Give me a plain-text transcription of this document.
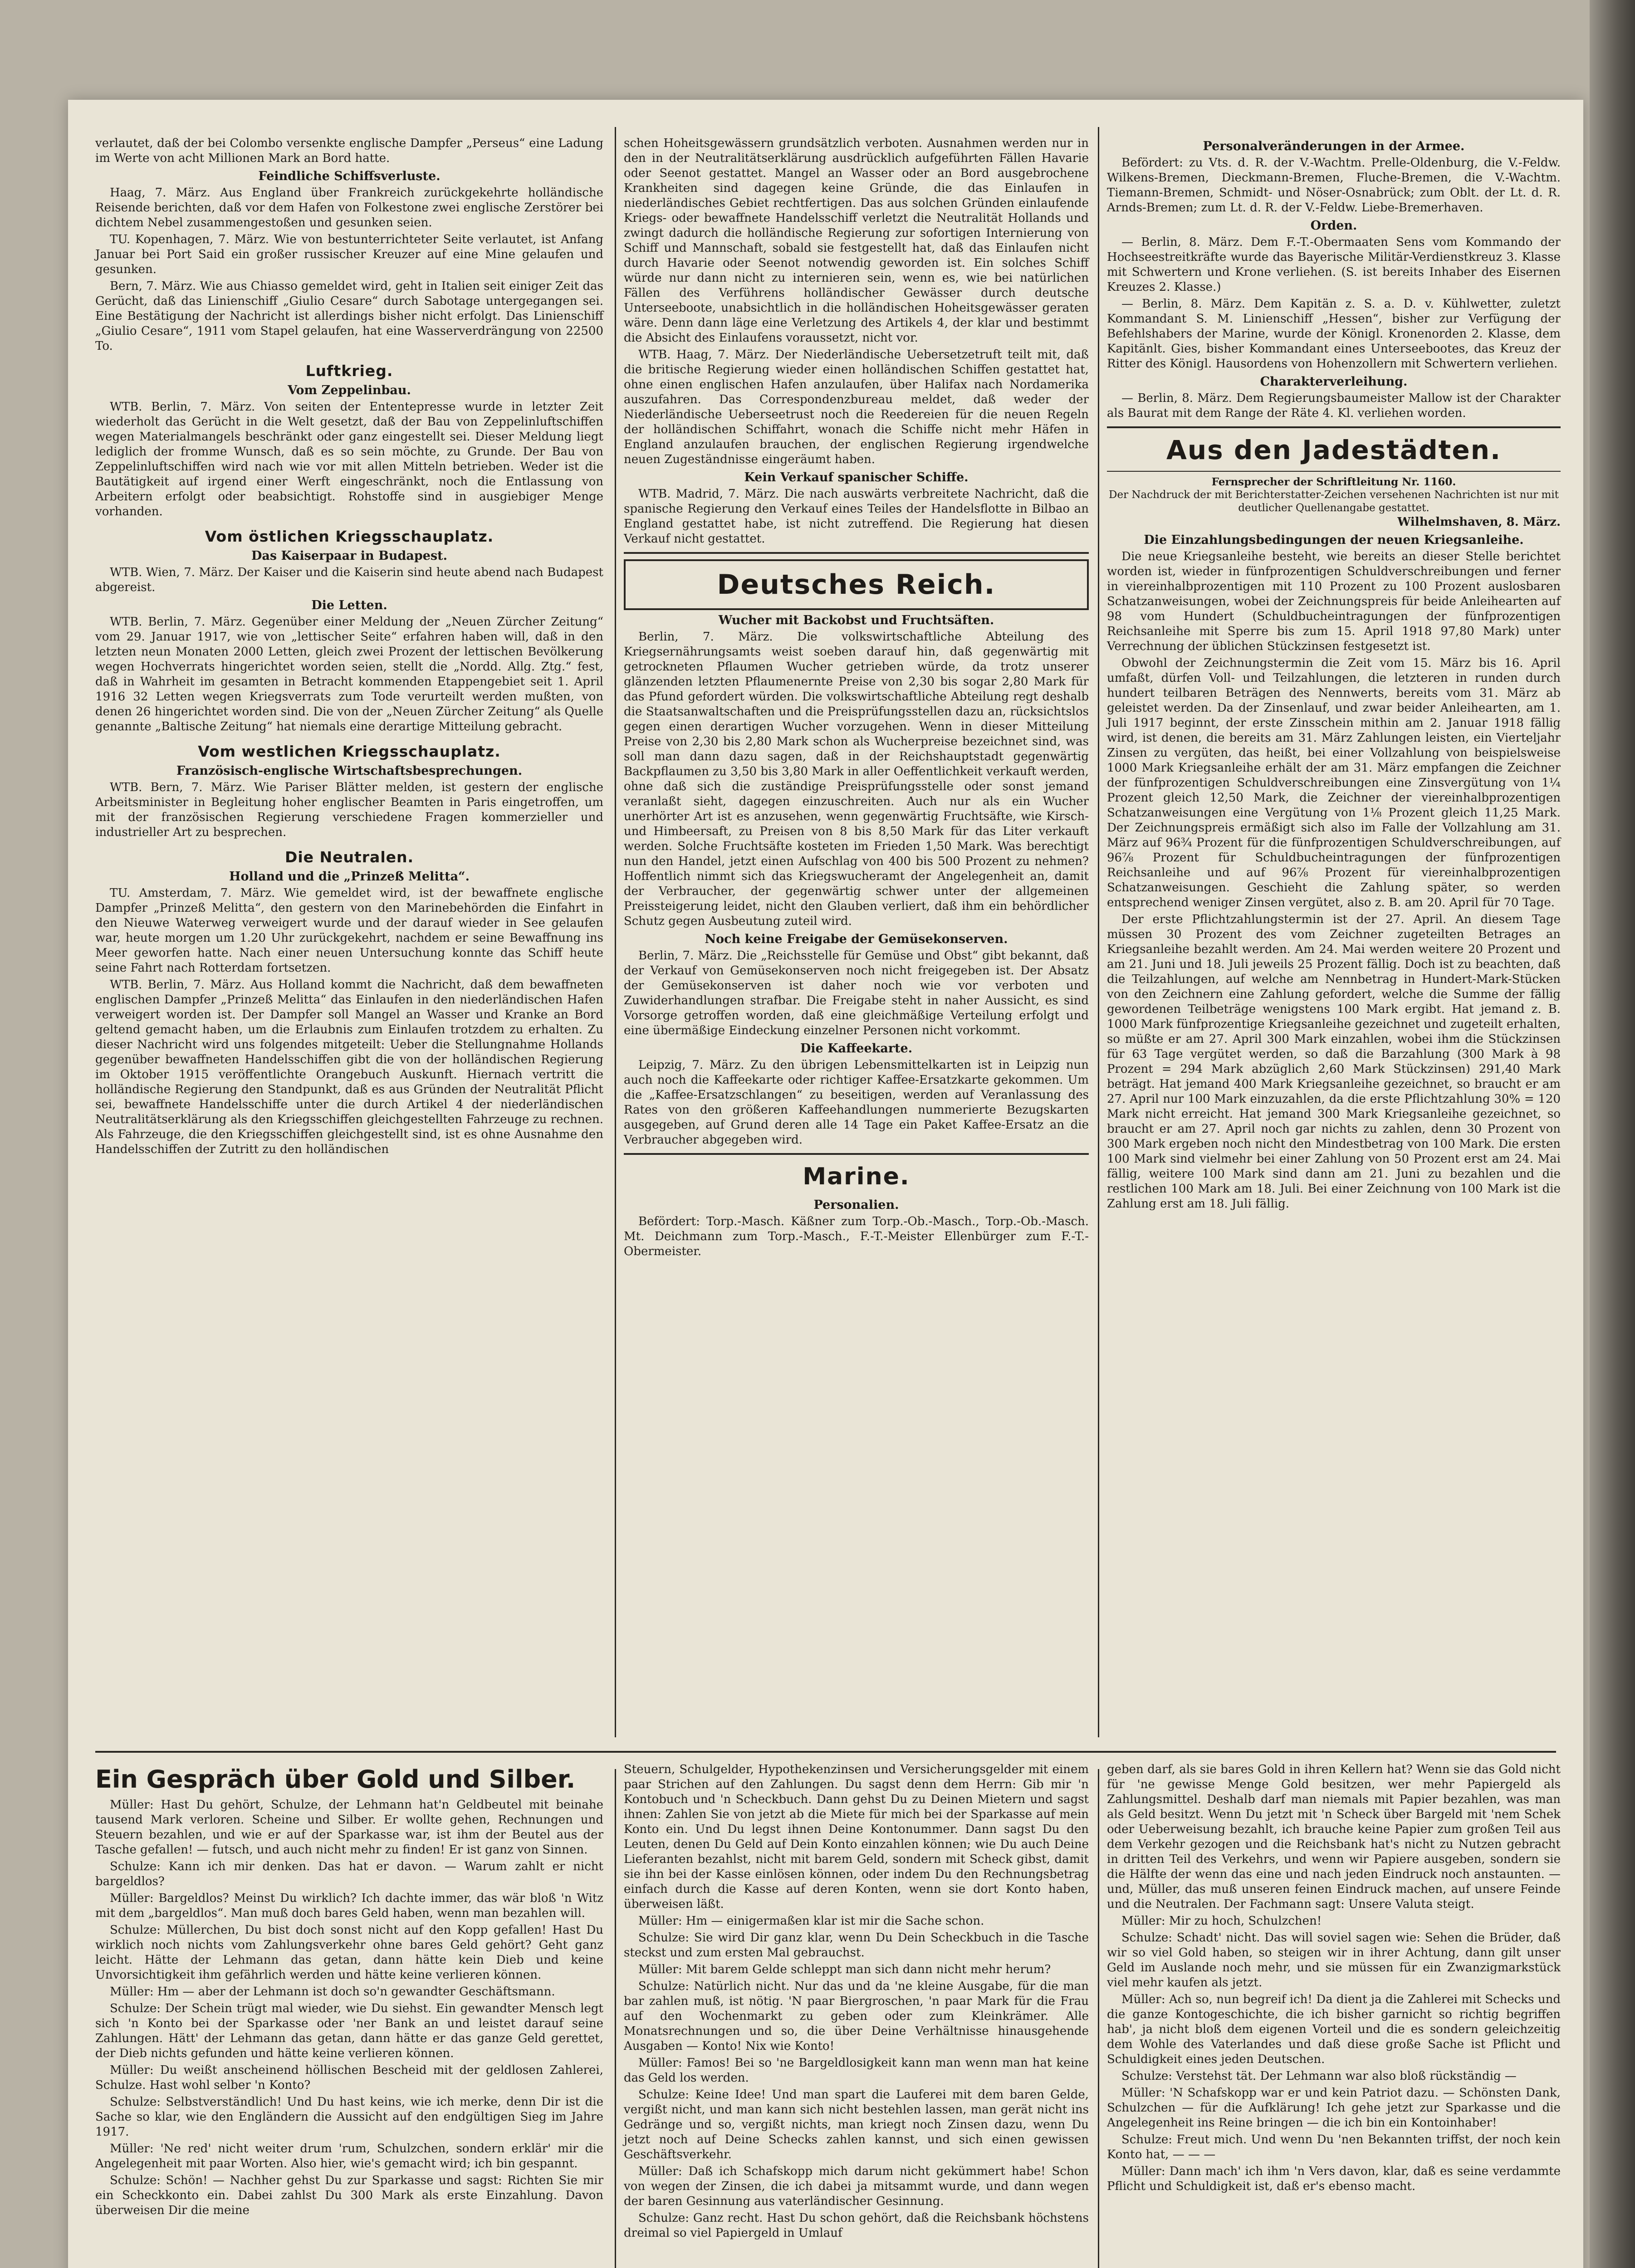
verlautet, daß der bei Colombo versenkte englische Dampfer „Perseus“ eine Ladung im Werte von acht Millionen Mark an Bord hatte.

Feindliche Schiffsverluste.

Haag, 7. März. Aus England über Frankreich zurückgekehrte holländische Reisende berichten, daß vor dem Hafen von Folkestone zwei englische Zerstörer bei dichtem Nebel zusammengestoßen und gesunken seien.

TU. Kopenhagen, 7. März. Wie von bestunterrichteter Seite verlautet, ist Anfang Januar bei Port Said ein großer russischer Kreuzer auf eine Mine gelaufen und gesunken.

Bern, 7. März. Wie aus Chiasso gemeldet wird, geht in Italien seit einiger Zeit das Gerücht, daß das Linienschiff „Giulio Cesare“ durch Sabotage untergegangen sei. Eine Bestätigung der Nachricht ist allerdings bisher nicht erfolgt. Das Linienschiff „Giulio Cesare“, 1911 vom Stapel gelaufen, hat eine Wasserverdrängung von 22500 To.

Luftkrieg.
Vom Zeppelinbau.

WTB. Berlin, 7. März. Von seiten der Ententepresse wurde in letzter Zeit wiederholt das Gerücht in die Welt gesetzt, daß der Bau von Zeppelinluftschiffen wegen Materialmangels beschränkt oder ganz eingestellt sei. Dieser Meldung liegt lediglich der fromme Wunsch, daß es so sein möchte, zu Grunde. Der Bau von Zeppelinluftschiffen wird nach wie vor mit allen Mitteln betrieben. Weder ist die Bautätigkeit auf irgend einer Werft eingeschränkt, noch die Entlassung von Arbeitern erfolgt oder beabsichtigt. Rohstoffe sind in ausgiebiger Menge vorhanden.

Vom östlichen Kriegsschauplatz.
Das Kaiserpaar in Budapest.

WTB. Wien, 7. März. Der Kaiser und die Kaiserin sind heute abend nach Budapest abgereist.

Die Letten.

WTB. Berlin, 7. März. Gegenüber einer Meldung der „Neuen Zürcher Zeitung“ vom 29. Januar 1917, wie von „lettischer Seite“ erfahren haben will, daß in den letzten neun Monaten 2000 Letten, gleich zwei Prozent der lettischen Bevölkerung wegen Hochverrats hingerichtet worden seien, stellt die „Nordd. Allg. Ztg.“ fest, daß in Wahrheit im gesamten in Betracht kommenden Etappengebiet seit 1. April 1916 32 Letten wegen Kriegsverrats zum Tode verurteilt werden mußten, von denen 26 hingerichtet worden sind. Die von der „Neuen Zürcher Zeitung“ als Quelle genannte „Baltische Zeitung“ hat niemals eine derartige Mitteilung gebracht.

Vom westlichen Kriegsschauplatz.
Französisch-englische Wirtschaftsbesprechungen.

WTB. Bern, 7. März. Wie Pariser Blätter melden, ist gestern der englische Arbeitsminister in Begleitung hoher englischer Beamten in Paris eingetroffen, um mit der französischen Regierung verschiedene Fragen kommerzieller und industrieller Art zu besprechen.

Die Neutralen.
Holland und die „Prinzeß Melitta“.

TU. Amsterdam, 7. März. Wie gemeldet wird, ist der bewaffnete englische Dampfer „Prinzeß Melitta“, den gestern von den Marinebehörden die Einfahrt in den Nieuwe Waterweg verweigert wurde und der darauf wieder in See gelaufen war, heute morgen um 1.20 Uhr zurückgekehrt, nachdem er seine Bewaffnung ins Meer geworfen hatte. Nach einer neuen Untersuchung konnte das Schiff heute seine Fahrt nach Rotterdam fortsetzen.

WTB. Berlin, 7. März. Aus Holland kommt die Nachricht, daß dem bewaffneten englischen Dampfer „Prinzeß Melitta“ das Einlaufen in den niederländischen Hafen verweigert worden ist. Der Dampfer soll Mangel an Wasser und Kranke an Bord geltend gemacht haben, um die Erlaubnis zum Einlaufen trotzdem zu erhalten. Zu dieser Nachricht wird uns folgendes mitgeteilt: Ueber die Stellungnahme Hollands gegenüber bewaffneten Handelsschiffen gibt die von der holländischen Regierung im Oktober 1915 veröffentlichte Orangebuch Auskunft. Hiernach vertritt die holländische Regierung den Standpunkt, daß es aus Gründen der Neutralität Pflicht sei, bewaffnete Handelsschiffe unter die durch Artikel 4 der niederländischen Neutralitätserklärung als den Kriegsschiffen gleichgestellten Fahrzeuge zu rechnen. Als Fahrzeuge, die den Kriegsschiffen gleichgestellt sind, ist es ohne Ausnahme den Handelsschiffen der Zutritt zu den holländischen

schen Hoheitsgewässern grundsätzlich verboten. Ausnahmen werden nur in den in der Neutralitätserklärung ausdrücklich aufgeführten Fällen Havarie oder Seenot gestattet. Mangel an Wasser oder an Bord ausgebrochene Krankheiten sind dagegen keine Gründe, die das Einlaufen in niederländisches Gebiet rechtfertigen. Das aus solchen Gründen einlaufende Kriegs- oder bewaffnete Handelsschiff verletzt die Neutralität Hollands und zwingt dadurch die holländische Regierung zur sofortigen Internierung von Schiff und Mannschaft, sobald sie festgestellt hat, daß das Einlaufen nicht durch Havarie oder Seenot notwendig geworden ist. Ein solches Schiff würde nur dann nicht zu internieren sein, wenn es, wie bei natürlichen Fällen des Verführens holländischer Gewässer durch deutsche Unterseeboote, unabsichtlich in die holländischen Hoheitsgewässer geraten wäre. Denn dann läge eine Verletzung des Artikels 4, der klar und bestimmt die Absicht des Einlaufens voraussetzt, nicht vor.

WTB. Haag, 7. März. Der Niederländische Uebersetzetruft teilt mit, daß die britische Regierung wieder einen holländischen Schiffen gestattet hat, ohne einen englischen Hafen anzulaufen, über Halifax nach Nordamerika auszufahren. Das Correspondenzbureau meldet, daß weder der Niederländische Ueberseetrust noch die Reedereien für die neuen Regeln der holländischen Schiffahrt, wonach die Schiffe nicht mehr Häfen in England anzulaufen brauchen, der englischen Regierung irgendwelche neuen Zugeständnisse eingeräumt haben.

Kein Verkauf spanischer Schiffe.

WTB. Madrid, 7. März. Die nach auswärts verbreitete Nachricht, daß die spanische Regierung den Verkauf eines Teiles der Handelsflotte in Bilbao an England gestattet habe, ist nicht zutreffend. Die Regierung hat diesen Verkauf nicht gestattet.

Deutsches Reich.
Wucher mit Backobst und Fruchtsäften.

Berlin, 7. März. Die volkswirtschaftliche Abteilung des Kriegsernährungsamts weist soeben darauf hin, daß gegenwärtig mit getrockneten Pflaumen Wucher getrieben würde, da trotz unserer glänzenden letzten Pflaumenernte Preise von 2,30 bis sogar 2,80 Mark für das Pfund gefordert würden. Die volkswirtschaftliche Abteilung regt deshalb die Staatsanwaltschaften und die Preisprüfungsstellen dazu an, rücksichtslos gegen einen derartigen Wucher vorzugehen. Wenn in dieser Mitteilung Preise von 2,30 bis 2,80 Mark schon als Wucherpreise bezeichnet sind, was soll man dann dazu sagen, daß in der Reichshauptstadt gegenwärtig Backpflaumen zu 3,50 bis 3,80 Mark in aller Oeffentlichkeit verkauft werden, ohne daß sich die zuständige Preisprüfungsstelle oder sonst jemand veranlaßt sieht, dagegen einzuschreiten. Auch nur als ein Wucher unerhörter Art ist es anzusehen, wenn gegenwärtig Fruchtsäfte, wie Kirsch- und Himbeersaft, zu Preisen von 8 bis 8,50 Mark für das Liter verkauft werden. Solche Fruchtsäfte kosteten im Frieden 1,50 Mark. Was berechtigt nun den Handel, jetzt einen Aufschlag von 400 bis 500 Prozent zu nehmen? Hoffentlich nimmt sich das Kriegswucheramt der Angelegenheit an, damit der Verbraucher, der gegenwärtig schwer unter der allgemeinen Preissteigerung leidet, nicht den Glauben verliert, daß ihm ein behördlicher Schutz gegen Ausbeutung zuteil wird.

Noch keine Freigabe der Gemüsekonserven.

Berlin, 7. März. Die „Reichsstelle für Gemüse und Obst“ gibt bekannt, daß der Verkauf von Gemüsekonserven noch nicht freigegeben ist. Der Absatz der Gemüsekonserven ist daher noch wie vor verboten und Zuwiderhandlungen strafbar. Die Freigabe steht in naher Aussicht, es sind Vorsorge getroffen worden, daß eine gleichmäßige Verteilung erfolgt und eine übermäßige Eindeckung einzelner Personen nicht vorkommt.

Die Kaffeekarte.

Leipzig, 7. März. Zu den übrigen Lebensmittelkarten ist in Leipzig nun auch noch die Kaffeekarte oder richtiger Kaffee-Ersatzkarte gekommen. Um die „Kaffee-Ersatzschlangen“ zu beseitigen, werden auf Veranlassung des Rates von den größeren Kaffeehandlungen nummerierte Bezugskarten ausgegeben, auf Grund deren alle 14 Tage ein Paket Kaffee-Ersatz an die Verbraucher abgegeben wird.

Marine.
Personalien.

Befördert: Torp.-Masch. Käßner zum Torp.-Ob.-Masch., Torp.-Ob.-Masch. Mt. Deichmann zum Torp.-Masch., F.-T.-Meister Ellenbürger zum F.-T.-Obermeister.

Personalveränderungen in der Armee.

Befördert: zu Vts. d. R. der V.-Wachtm. Prelle-Oldenburg, die V.-Feldw. Wilkens-Bremen, Dieckmann-Bremen, Fluche-Bremen, die V.-Wachtm. Tiemann-Bremen, Schmidt- und Nöser-Osnabrück; zum Oblt. der Lt. d. R. Arnds-Bremen; zum Lt. d. R. der V.-Feldw. Liebe-Bremerhaven.

Orden.

— Berlin, 8. März. Dem F.-T.-Obermaaten Sens vom Kommando der Hochseestreitkräfte wurde das Bayerische Militär-Verdienstkreuz 3. Klasse mit Schwertern und Krone verliehen. (S. ist bereits Inhaber des Eisernen Kreuzes 2. Klasse.)

— Berlin, 8. März. Dem Kapitän z. S. a. D. v. Kühlwetter, zuletzt Kommandant S. M. Linienschiff „Hessen“, bisher zur Verfügung der Befehlshabers der Marine, wurde der Königl. Kronenorden 2. Klasse, dem Kapitänlt. Gies, bisher Kommandant eines Unterseebootes, das Kreuz der Ritter des Königl. Hausordens von Hohenzollern mit Schwertern verliehen.

Charakterverleihung.

— Berlin, 8. März. Dem Regierungsbaumeister Mallow ist der Charakter als Baurat mit dem Range der Räte 4. Kl. verliehen worden.

Aus den Jadestädten.
Fernsprecher der Schriftleitung Nr. 1160.
Der Nachdruck der mit Berichterstatter-Zeichen versehenen Nachrichten ist nur mit deutlicher Quellenangabe gestattet.
Wilhelmshaven, 8. März.
Die Einzahlungsbedingungen der neuen Kriegsanleihe.

Die neue Kriegsanleihe besteht, wie bereits an dieser Stelle berichtet worden ist, wieder in fünfprozentigen Schuldverschreibungen und ferner in viereinhalbprozentigen mit 110 Prozent zu 100 Prozent auslosbaren Schatzanweisungen, wobei der Zeichnungspreis für beide Anleihearten auf 98 vom Hundert (Schuldbucheintragungen der fünfprozentigen Reichsanleihe mit Sperre bis zum 15. April 1918 97,80 Mark) unter Verrechnung der üblichen Stückzinsen festgesetzt ist.

Obwohl der Zeichnungstermin die Zeit vom 15. März bis 16. April umfaßt, dürfen Voll- und Teilzahlungen, die letzteren in runden durch hundert teilbaren Beträgen des Nennwerts, bereits vom 31. März ab geleistet werden. Da der Zinsenlauf, und zwar beider Anleihearten, am 1. Juli 1917 beginnt, der erste Zinsschein mithin am 2. Januar 1918 fällig wird, ist denen, die bereits am 31. März Zahlungen leisten, ein Vierteljahr Zinsen zu vergüten, das heißt, bei einer Vollzahlung von beispielsweise 1000 Mark Kriegsanleihe erhält der am 31. März empfangen die Zeichner der fünfprozentigen Schuldverschreibungen eine Zinsvergütung von 1¼ Prozent gleich 12,50 Mark, die Zeichner der viereinhalbprozentigen Schatzanweisungen eine Vergütung von 1⅛ Prozent gleich 11,25 Mark. Der Zeichnungspreis ermäßigt sich also im Falle der Vollzahlung am 31. März auf 96¾ Prozent für die fünfprozentigen Schuldverschreibungen, auf 96⅞ Prozent für Schuldbucheintragungen der fünfprozentigen Reichsanleihe und auf 96⅞ Prozent für viereinhalbprozentigen Schatzanweisungen. Geschieht die Zahlung später, so werden entsprechend weniger Zinsen vergütet, also z. B. am 20. April für 70 Tage.

Der erste Pflichtzahlungstermin ist der 27. April. An diesem Tage müssen 30 Prozent des vom Zeichner zugeteilten Betrages an Kriegsanleihe bezahlt werden. Am 24. Mai werden weitere 20 Prozent und am 21. Juni und 18. Juli jeweils 25 Prozent fällig. Doch ist zu beachten, daß die Teilzahlungen, auf welche am Nennbetrag in Hundert-Mark-Stücken von den Zeichnern eine Zahlung gefordert, welche die Summe der fällig gewordenen Teilbeträge wenigstens 100 Mark ergibt. Hat jemand z. B. 1000 Mark fünfprozentige Kriegsanleihe gezeichnet und zugeteilt erhalten, so müßte er am 27. April 300 Mark einzahlen, wobei ihm die Stückzinsen für 63 Tage vergütet werden, so daß die Barzahlung (300 Mark à 98 Prozent = 294 Mark abzüglich 2,60 Mark Stückzinsen) 291,40 Mark beträgt. Hat jemand 400 Mark Kriegsanleihe gezeichnet, so braucht er am 27. April nur 100 Mark einzuzahlen, da die erste Pflichtzahlung 30% = 120 Mark nicht erreicht. Hat jemand 300 Mark Kriegsanleihe gezeichnet, so braucht er am 27. April noch gar nichts zu zahlen, denn 30 Prozent von 300 Mark ergeben noch nicht den Mindestbetrag von 100 Mark. Die ersten 100 Mark sind vielmehr bei einer Zahlung von 50 Prozent erst am 24. Mai fällig, weitere 100 Mark sind dann am 21. Juni zu bezahlen und die restlichen 100 Mark am 18. Juli. Bei einer Zeichnung von 100 Mark ist die Zahlung erst am 18. Juli fällig.

Ein Gespräch über Gold und Silber.

Müller: Hast Du gehört, Schulze, der Lehmann hat'n Geldbeutel mit beinahe tausend Mark verloren. Scheine und Silber. Er wollte gehen, Rechnungen und Steuern bezahlen, und wie er auf der Sparkasse war, ist ihm der Beutel aus der Tasche gefallen! — futsch, und auch nicht mehr zu finden! Er ist ganz von Sinnen.

Schulze: Kann ich mir denken. Das hat er davon. — Warum zahlt er nicht bargeldlos?

Müller: Bargeldlos? Meinst Du wirklich? Ich dachte immer, das wär bloß 'n Witz mit dem „bargeldlos“. Man muß doch bares Geld haben, wenn man bezahlen will.

Schulze: Müllerchen, Du bist doch sonst nicht auf den Kopp gefallen! Hast Du wirklich noch nichts vom Zahlungsverkehr ohne bares Geld gehört? Geht ganz leicht. Hätte der Lehmann das getan, dann hätte kein Dieb und keine Unvorsichtigkeit ihm gefährlich werden und hätte keine verlieren können.

Müller: Hm — aber der Lehmann ist doch so'n gewandter Geschäftsmann.

Schulze: Der Schein trügt mal wieder, wie Du siehst. Ein gewandter Mensch legt sich 'n Konto bei der Sparkasse oder 'ner Bank an und leistet darauf seine Zahlungen. Hätt' der Lehmann das getan, dann hätte er das ganze Geld gerettet, der Dieb nichts gefunden und hätte keine verlieren können.

Müller: Du weißt anscheinend höllischen Bescheid mit der geldlosen Zahlerei, Schulze. Hast wohl selber 'n Konto?

Schulze: Selbstverständlich! Und Du hast keins, wie ich merke, denn Dir ist die Sache so klar, wie den Engländern die Aussicht auf den endgültigen Sieg im Jahre 1917.

Müller: 'Ne red' nicht weiter drum 'rum, Schulzchen, sondern erklär' mir die Angelegenheit mit paar Worten. Also hier, wie's gemacht wird; ich bin gespannt.

Schulze: Schön! — Nachher gehst Du zur Sparkasse und sagst: Richten Sie mir ein Scheckkonto ein. Dabei zahlst Du 300 Mark als erste Einzahlung. Davon überweisen Dir die meine

Steuern, Schulgelder, Hypothekenzinsen und Versicherungsgelder mit einem paar Strichen auf den Zahlungen. Du sagst denn dem Herrn: Gib mir 'n Kontobuch und 'n Scheckbuch. Dann gehst Du zu Deinen Mietern und sagst ihnen: Zahlen Sie von jetzt ab die Miete für mich bei der Sparkasse auf mein Konto ein. Und Du legst ihnen Deine Kontonummer. Dann sagst Du den Leuten, denen Du Geld auf Dein Konto einzahlen können; wie Du auch Deine Lieferanten bezahlst, nicht mit barem Geld, sondern mit Scheck gibst, damit sie ihn bei der Kasse einlösen können, oder indem Du den Rechnungsbetrag einfach durch die Kasse auf deren Konten, wenn sie dort Konto haben, überweisen läßt.

Müller: Hm — einigermaßen klar ist mir die Sache schon.

Schulze: Sie wird Dir ganz klar, wenn Du Dein Scheckbuch in die Tasche steckst und zum ersten Mal gebrauchst.

Müller: Mit barem Gelde schleppt man sich dann nicht mehr herum?

Schulze: Natürlich nicht. Nur das und da 'ne kleine Ausgabe, für die man bar zahlen muß, ist nötig. 'N paar Biergroschen, 'n paar Mark für die Frau auf den Wochenmarkt zu geben oder zum Kleinkrämer. Alle Monatsrechnungen und so, die über Deine Verhältnisse hinausgehende Ausgaben — Konto! Nix wie Konto!

Müller: Famos! Bei so 'ne Bargeldlosigkeit kann man wenn man hat keine das Geld los werden.

Schulze: Keine Idee! Und man spart die Lauferei mit dem baren Gelde, vergißt nicht, und man kann sich nicht bestehlen lassen, man gerät nicht ins Gedränge und so, vergißt nichts, man kriegt noch Zinsen dazu, wenn Du jetzt noch auf Deine Schecks zahlen kannst, und sich einen gewissen Geschäftsverkehr.

Müller: Daß ich Schafskopp mich darum nicht gekümmert habe! Schon von wegen der Zinsen, die ich dabei ja mitsammt wurde, und dann wegen der baren Gesinnung aus vaterländischer Gesinnung.

Schulze: Ganz recht. Hast Du schon gehört, daß die Reichsbank höchstens dreimal so viel Papiergeld in Umlauf

geben darf, als sie bares Gold in ihren Kellern hat? Wenn sie das Gold nicht für 'ne gewisse Menge Gold besitzen, wer mehr Papiergeld als Zahlungsmittel. Deshalb darf man niemals mit Papier bezahlen, was man als Geld besitzt. Wenn Du jetzt mit 'n Scheck über Bargeld mit 'nem Schek oder Ueberweisung bezahlt, ich brauche keine Papier zum großen Teil aus dem Verkehr gezogen und die Reichsbank hat's nicht zu Nutzen gebracht in dritten Teil des Verkehrs, und wenn wir Papiere ausgeben, sondern sie die Hälfte der wenn das eine und nach jeden Eindruck noch anstaunten. — und, Müller, das muß unseren feinen Eindruck machen, auf unsere Feinde und die Neutralen. Der Fachmann sagt: Unsere Valuta steigt.

Müller: Mir zu hoch, Schulzchen!

Schulze: Schadt' nicht. Das will soviel sagen wie: Sehen die Brüder, daß wir so viel Gold haben, so steigen wir in ihrer Achtung, dann gilt unser Geld im Auslande noch mehr, und sie müssen für ein Zwanzigmarkstück viel mehr kaufen als jetzt.

Müller: Ach so, nun begreif ich! Da dient ja die Zahlerei mit Schecks und die ganze Kontogeschichte, die ich bisher garnicht so richtig begriffen hab', ja nicht bloß dem eigenen Vorteil und die es sondern geleichzeitig dem Wohle des Vaterlandes und daß diese große Sache ist Pflicht und Schuldigkeit eines jeden Deutschen.

Schulze: Verstehst tät. Der Lehmann war also bloß rückständig —

Müller: 'N Schafskopp war er und kein Patriot dazu. — Schönsten Dank, Schulzchen — für die Aufklärung! Ich gehe jetzt zur Sparkasse und die Angelegenheit ins Reine bringen — die ich bin ein Kontoinhaber!

Schulze: Freut mich. Und wenn Du 'nen Bekannten triffst, der noch kein Konto hat, — — —

Müller: Dann mach' ich ihm 'n Vers davon, klar, daß es seine verdammte Pflicht und Schuldigkeit ist, daß er's ebenso macht.
